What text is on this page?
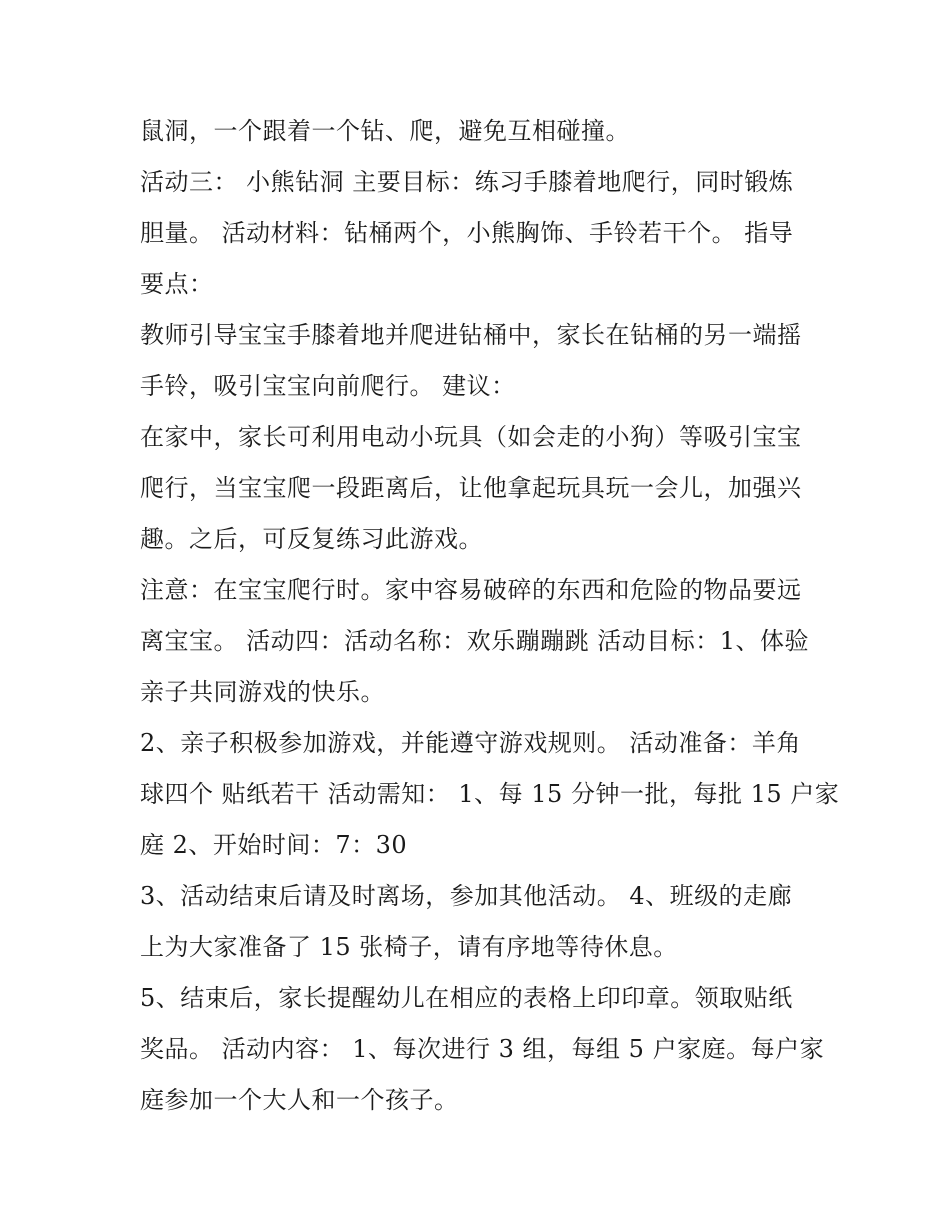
鼠洞，一个跟着一个钻、爬，避免互相碰撞。
活动三： 小熊钻洞 主要目标：练习手膝着地爬行，同时锻炼
胆量。 活动材料：钻桶两个，小熊胸饰、手铃若干个。 指导
要点：
教师引导宝宝手膝着地并爬进钻桶中，家长在钻桶的另一端摇
手铃，吸引宝宝向前爬行。 建议：
在家中，家长可利用电动小玩具（如会走的小狗）等吸引宝宝
爬行，当宝宝爬一段距离后，让他拿起玩具玩一会儿，加强兴
趣。之后，可反复练习此游戏。
注意：在宝宝爬行时。家中容易破碎的东西和危险的物品要远
离宝宝。 活动四：活动名称：欢乐蹦蹦跳 活动目标：1、体验
亲子共同游戏的快乐。
2、亲子积极参加游戏，并能遵守游戏规则。 活动准备：羊角
球四个 贴纸若干 活动需知： 1、每 15 分钟一批，每批 15 户家
庭 2、开始时间：7：30
3、活动结束后请及时离场，参加其他活动。 4、班级的走廊
上为大家准备了 15 张椅子，请有序地等待休息。
5、结束后，家长提醒幼儿在相应的表格上印印章。领取贴纸
奖品。 活动内容： 1、每次进行 3 组，每组 5 户家庭。每户家
庭参加一个大人和一个孩子。
